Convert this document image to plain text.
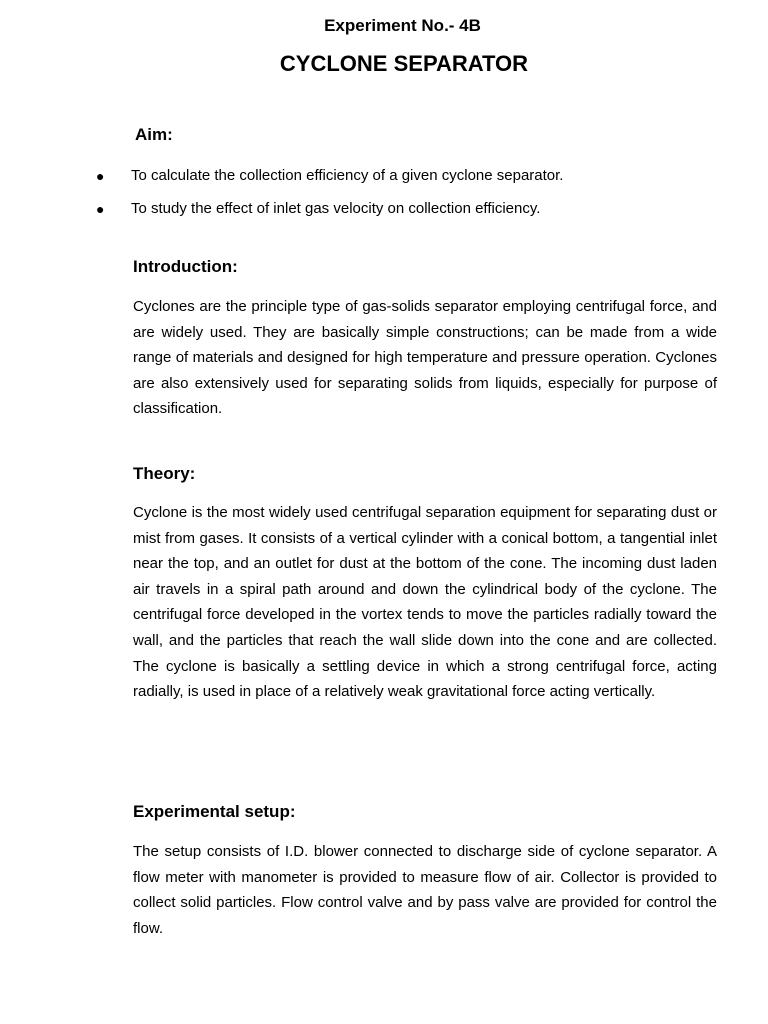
Experiment No.- 4B
CYCLONE SEPARATOR
Aim:
● To calculate the collection efficiency of a given cyclone separator.
● To study the effect of inlet gas velocity on collection efficiency.
Introduction:

Cyclones are the principle type of gas-solids separator employing centrifugal force, and are widely used. They are basically simple constructions; can be made from a wide range of materials and designed for high temperature and pressure operation. Cyclones are also extensively used for separating solids from liquids, especially for purpose of classification.

Theory:

Cyclone is the most widely used centrifugal separation equipment for separating dust or mist from gases. It consists of a vertical cylinder with a conical bottom, a tangential inlet near the top, and an outlet for dust at the bottom of the cone. The incoming dust laden air travels in a spiral path around and down the cylindrical body of the cyclone. The centrifugal force developed in the vortex tends to move the particles radially toward the wall, and the particles that reach the wall slide down into the cone and are collected. The cyclone is basically a settling device in which a strong centrifugal force, acting radially, is used in place of a relatively weak gravitational force acting vertically.

Experimental setup:

The setup consists of I.D. blower connected to discharge side of cyclone separator. A flow meter with manometer is provided to measure flow of air. Collector is provided to collect solid particles. Flow control valve and by pass valve are provided for control the flow.
